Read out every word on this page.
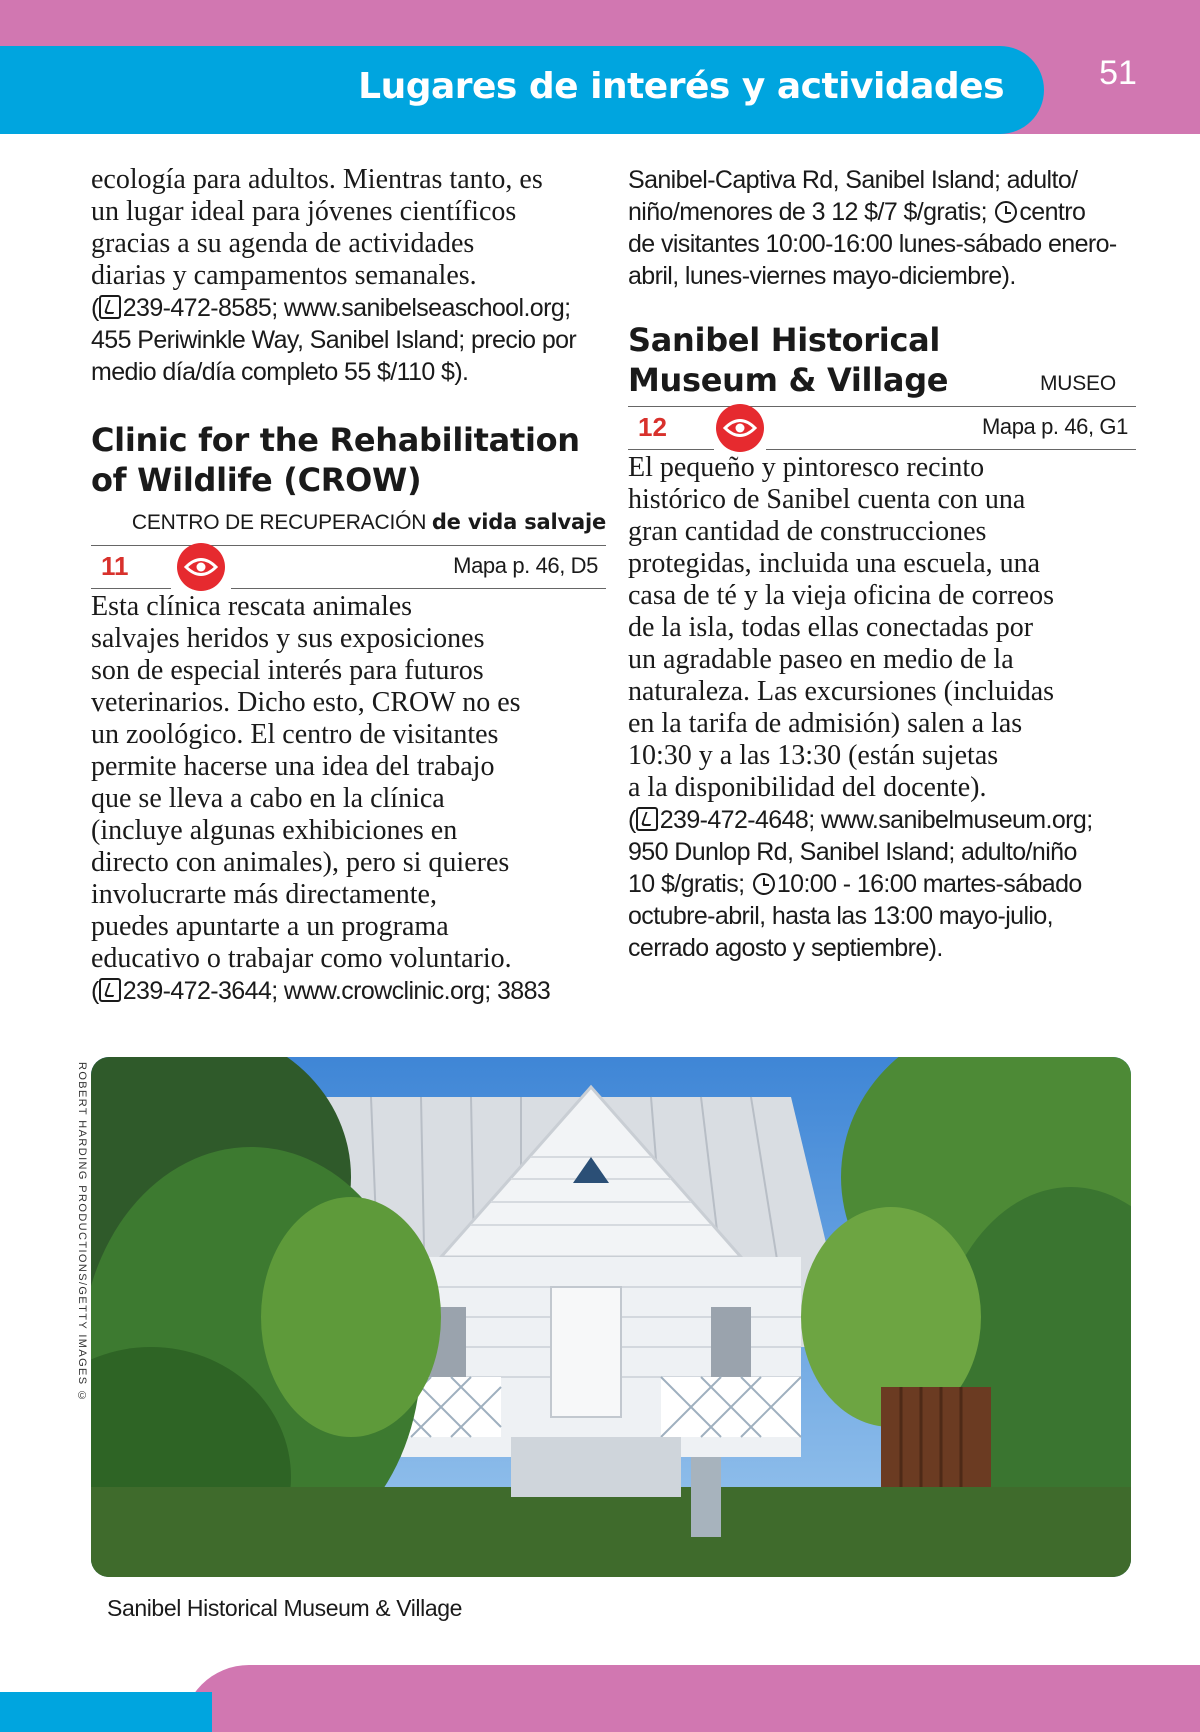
Lugares de interés y actividades	51

ecología para adultos. Mientras tanto, es

un lugar ideal para jóvenes científicos

gracias a su agenda de actividades

diarias y campamentos semanales.

( 239-472-8585; www.sanibelseaschool.org;

455 Periwinkle Way, Sanibel Island; precio por

medio día/día completo 55 $/110 $).

Clinic for the Rehabilitation
of Wildlife (CROW)
CENTRO DE RECUPERACIÓN de vida salvaje
11	Mapa p. 46, D5

Esta clínica rescata animales

salvajes heridos y sus exposiciones

son de especial interés para futuros

veterinarios. Dicho esto, CROW no es

un zoológico. El centro de visitantes

permite hacerse una idea del trabajo

que se lleva a cabo en la clínica

(incluye algunas exhibiciones en

directo con animales), pero si quieres

involucrarte más directamente,

puedes apuntarte a un programa

educativo o trabajar como voluntario.

( 239-472-3644; www.crowclinic.org; 3883

Sanibel-Captiva Rd, Sanibel Island; adulto/

niño/menores de 3 12 $/7 $/gratis; centro

de visitantes 10:00-16:00 lunes-sábado enero-

abril, lunes-viernes mayo-diciembre).

Sanibel Historical
Museum & Village	MUSEO
12	Mapa p. 46, G1

El pequeño y pintoresco recinto

histórico de Sanibel cuenta con una

gran cantidad de construcciones

protegidas, incluida una escuela, una

casa de té y la vieja oficina de correos

de la isla, todas ellas conectadas por

un agradable paseo en medio de la

naturaleza. Las excursiones (incluidas

en la tarifa de admisión) salen a las

10:30 y a las 13:30 (están sujetas

a la disponibilidad del docente).

( 239-472-4648; www.sanibelmuseum.org;

950 Dunlop Rd, Sanibel Island; adulto/niño

10 $/gratis; 10:00 - 16:00 martes-sábado

octubre-abril, hasta las 13:00 mayo-julio,

cerrado agosto y septiembre).

ROBERT HARDING PRODUCTIONS/GETTY IMAGES ©
Sanibel Historical Museum & Village
